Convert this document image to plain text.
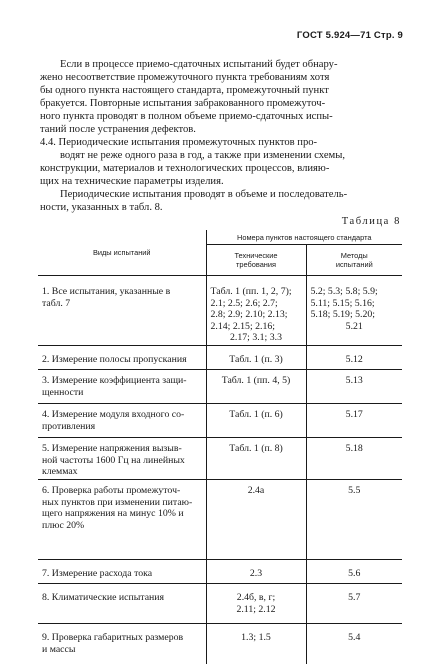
ГОСТ 5.924—71 Стр. 9
Если в процессе приемо-сдаточных испытаний будет обнару-
жено несоответствие промежуточного пункта требованиям хотя
бы одного пункта настоящего стандарта, промежуточный пункт
бракуется. Повторные испытания забракованного промежуточ-
ного пункта проводят в полном объеме приемо-сдаточных испы-
таний после устранения дефектов.
4.4. Периодические испытания промежуточных пунктов про-
водят не реже одного раза в год, а также при изменении схемы,
конструкции, материалов и технологических процессов, влияю-
щих на технические параметры изделия.
Периодические испытания проводят в объеме и последователь-
ности, указанных в табл. 8.
Таблица 8
Виды испытаний	Номера пунктов настоящего стандарта	

	Технические
требования	Методы
испытаний

1. Все испытания, указанные в
табл. 7	Табл. 1 (пп. 1, 2, 7);
2.1; 2.5; 2.6; 2.7;
2.8; 2.9; 2.10; 2.13;
2.14; 2.15; 2.16;
2.17; 3.1; 3.3	5.2; 5.3; 5.8; 5.9;
5.11; 5.15; 5.16;
5.18; 5.19; 5.20;
5.21

2. Измерение полосы пропускания	Табл. 1 (п. 3)	5.12

3. Измерение коэффициента защи-
щенности	Табл. 1 (пп. 4, 5)	5.13

4. Измерение модуля входного со-
противления	Табл. 1 (п. 6)	5.17

5. Измерение напряжения вызыв-
ной частоты 1600 Гц на линейных
клеммах	Табл. 1 (п. 8)	5.18

6. Проверка работы промежуточ-
ных пунктов при изменении питаю-
щего напряжения на минус 10% и
плюс 20%	2.4а	5.5

7. Измерение расхода тока	2.3	5.6

8. Климатические испытания	2.4б, в, г;
2.11; 2.12	5.7

9. Проверка габаритных размеров
и массы	1.3; 1.5	5.4
